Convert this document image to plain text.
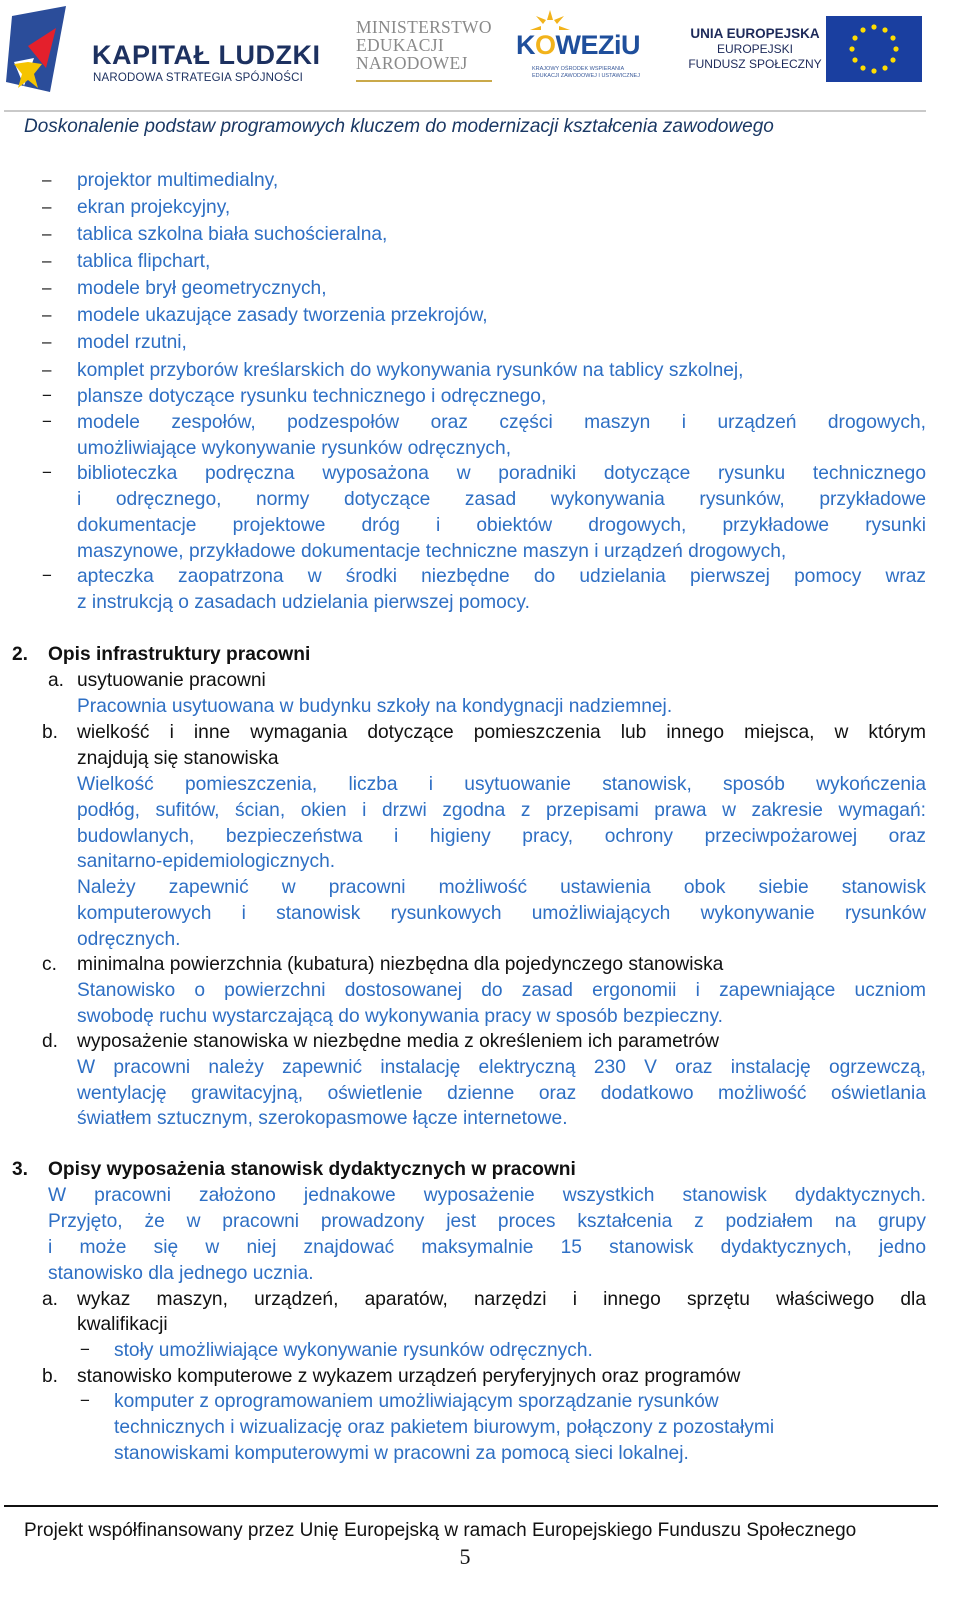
KAPITAŁ LUDZKI
NARODOWA STRATEGIA SPÓJNOŚCI
MINISTERSTWO
EDUKACJI
NARODOWEJ
KOWEZiU
KRAJOWY OŚRODEK WSPIERANIA
EDUKACJI ZAWODOWEJ I USTAWICZNEJ
UNIA EUROPEJSKA
EUROPEJSKI
FUNDUSZ SPOŁECZNY
Doskonalenie podstaw programowych kluczem do modernizacji kształcenia zawodowego
– projektor multimedialny,
– ekran projekcyjny,
– tablica szkolna biała suchościeralna,
– tablica flipchart,
– modele brył geometrycznych,
– modele ukazujące zasady tworzenia przekrojów,
– model rzutni,
– komplet przyborów kreślarskich do wykonywania rysunków na tablicy szkolnej,
− plansze dotyczące rysunku technicznego i odręcznego,
− modele zespołów, podzespołów oraz części maszyn i urządzeń drogowych,
umożliwiające wykonywanie rysunków odręcznych,
− biblioteczka podręczna wyposażona w poradniki dotyczące rysunku technicznego
i odręcznego, normy dotyczące zasad wykonywania rysunków, przykładowe
dokumentacje projektowe dróg i obiektów drogowych, przykładowe rysunki
maszynowe, przykładowe dokumentacje techniczne maszyn i urządzeń drogowych,
− apteczka zaopatrzona w środki niezbędne do udzielania pierwszej pomocy wraz
z instrukcją o zasadach udzielania pierwszej pomocy.
2. Opis infrastruktury pracowni
a. usytuowanie pracowni
Pracownia usytuowana w budynku szkoły na kondygnacji nadziemnej.
b. wielkość i inne wymagania dotyczące pomieszczenia lub innego miejsca, w którym
znajdują się stanowiska
Wielkość pomieszczenia, liczba i usytuowanie stanowisk, sposób wykończenia
podłóg, sufitów, ścian, okien i drzwi zgodna z przepisami prawa w zakresie wymagań:
budowlanych, bezpieczeństwa i higieny pracy, ochrony przeciwpożarowej oraz
sanitarno-epidemiologicznych.
Należy zapewnić w pracowni możliwość ustawienia obok siebie stanowisk
komputerowych i stanowisk rysunkowych umożliwiających wykonywanie rysunków
odręcznych.
c. minimalna powierzchnia (kubatura) niezbędna dla pojedynczego stanowiska
Stanowisko o powierzchni dostosowanej do zasad ergonomii i zapewniające uczniom
swobodę ruchu wystarczającą do wykonywania pracy w sposób bezpieczny.
d. wyposażenie stanowiska w niezbędne media z określeniem ich parametrów
W pracowni należy zapewnić instalację elektryczną 230 V oraz instalację ogrzewczą,
wentylację grawitacyjną, oświetlenie dzienne oraz dodatkowo możliwość oświetlania
światłem sztucznym, szerokopasmowe łącze internetowe.
3. Opisy wyposażenia stanowisk dydaktycznych w pracowni
W pracowni założono jednakowe wyposażenie wszystkich stanowisk dydaktycznych.
Przyjęto, że w pracowni prowadzony jest proces kształcenia z podziałem na grupy
i może się w niej znajdować maksymalnie 15 stanowisk dydaktycznych, jedno
stanowisko dla jednego ucznia.
a. wykaz maszyn, urządzeń, aparatów, narzędzi i innego sprzętu właściwego dla
kwalifikacji
− stoły umożliwiające wykonywanie rysunków odręcznych.
b. stanowisko komputerowe z wykazem urządzeń peryferyjnych oraz programów
− komputer z oprogramowaniem umożliwiającym sporządzanie rysunków
technicznych i wizualizację oraz pakietem biurowym, połączony z pozostałymi
stanowiskami komputerowymi w pracowni za pomocą sieci lokalnej.
Projekt współfinansowany przez Unię Europejską w ramach Europejskiego Funduszu Społecznego
5
